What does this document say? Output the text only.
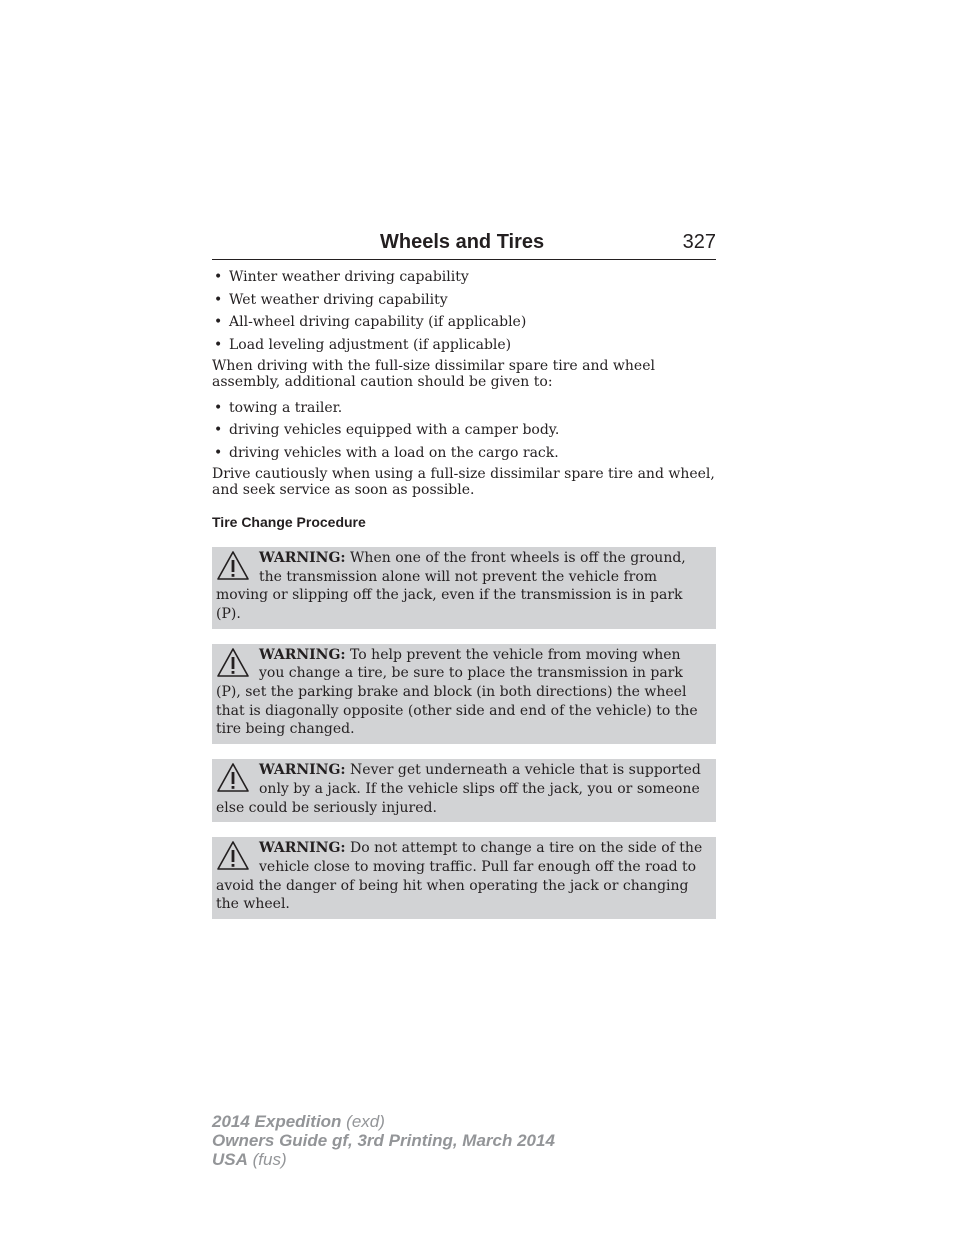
Wheels and Tires	327
• Winter weather driving capability
• Wet weather driving capability
• All-wheel driving capability (if applicable)
• Load leveling adjustment (if applicable)

When driving with the full-size dissimilar spare tire and wheel assembly, additional caution should be given to:

• towing a trailer.
• driving vehicles equipped with a camper body.
• driving vehicles with a load on the cargo rack.

Drive cautiously when using a full-size dissimilar spare tire and wheel, and seek service as soon as possible.

Tire Change Procedure
WARNING: When one of the front wheels is off the ground, the transmission alone will not prevent the vehicle from moving or slipping off the jack, even if the transmission is in park (P).
WARNING: To help prevent the vehicle from moving when you change a tire, be sure to place the transmission in park (P), set the parking brake and block (in both directions) the wheel that is diagonally opposite (other side and end of the vehicle) to the tire being changed.
WARNING: Never get underneath a vehicle that is supported only by a jack. If the vehicle slips off the jack, you or someone else could be seriously injured.
WARNING: Do not attempt to change a tire on the side of the vehicle close to moving traffic. Pull far enough off the road to avoid the danger of being hit when operating the jack or changing the wheel.
2014 Expedition (exd)
Owners Guide gf, 3rd Printing, March 2014
USA (fus)
